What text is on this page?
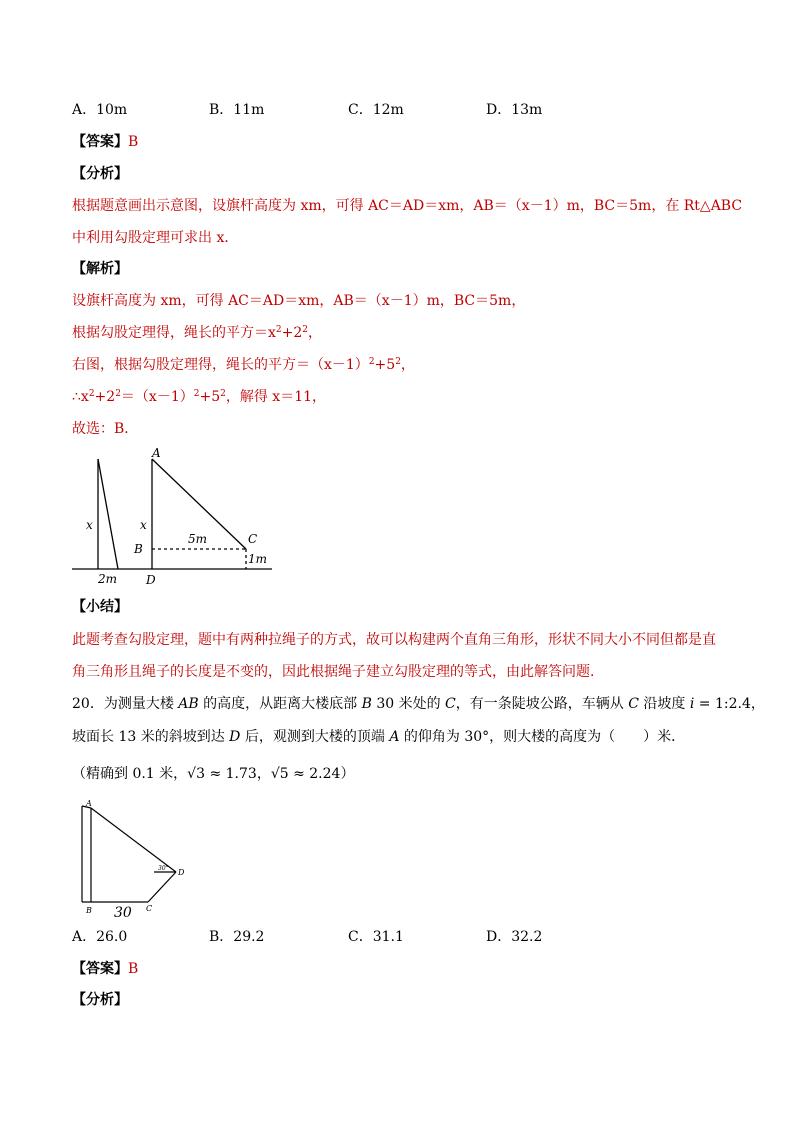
A．10m	B．11m	C．12m	D．13m
【答案】B
【分析】
根据题意画出示意图，设旗杆高度为 xm，可得 AC＝AD＝xm，AB＝（x－1）m，BC＝5m，在 Rt△ABC
中利用勾股定理可求出 x．
【解析】
设旗杆高度为 xm，可得 AC＝AD＝xm，AB＝（x－1）m，BC＝5m，
根据勾股定理得，绳长的平方$=x^2+2^2$，
右图，根据勾股定理得，绳长的平方$=(x-1)^2+5^2$，
$\therefore x^2+2^2=(x-1)^2+5^2$，解得 x＝11，
故选：B．
x
2m
A
x
B
5m	C
1m
D
【小结】
此题考查勾股定理，题中有两种拉绳子的方式，故可以构建两个直角三角形，形状不同大小不同但都是直
角三角形且绳子的长度是不变的，因此根据绳子建立勾股定理的等式，由此解答问题.
20．为测量大楼 AB 的高度，从距离大楼底部 B 30 米处的 C，有一条陡坡公路，车辆从 C 沿坡度 i = 1:2.4，
坡面长 13 米的斜坡到达 D 后，观测到大楼的顶端 A 的仰角为 30°，则大楼的高度为（　　）米．
（精确到 0.1 米，√3 ≈ 1.73，√5 ≈ 2.24）
A
B 30 C
D
30°
A．26.0	B．29.2	C．31.1	D．32.2
【答案】B
【分析】
